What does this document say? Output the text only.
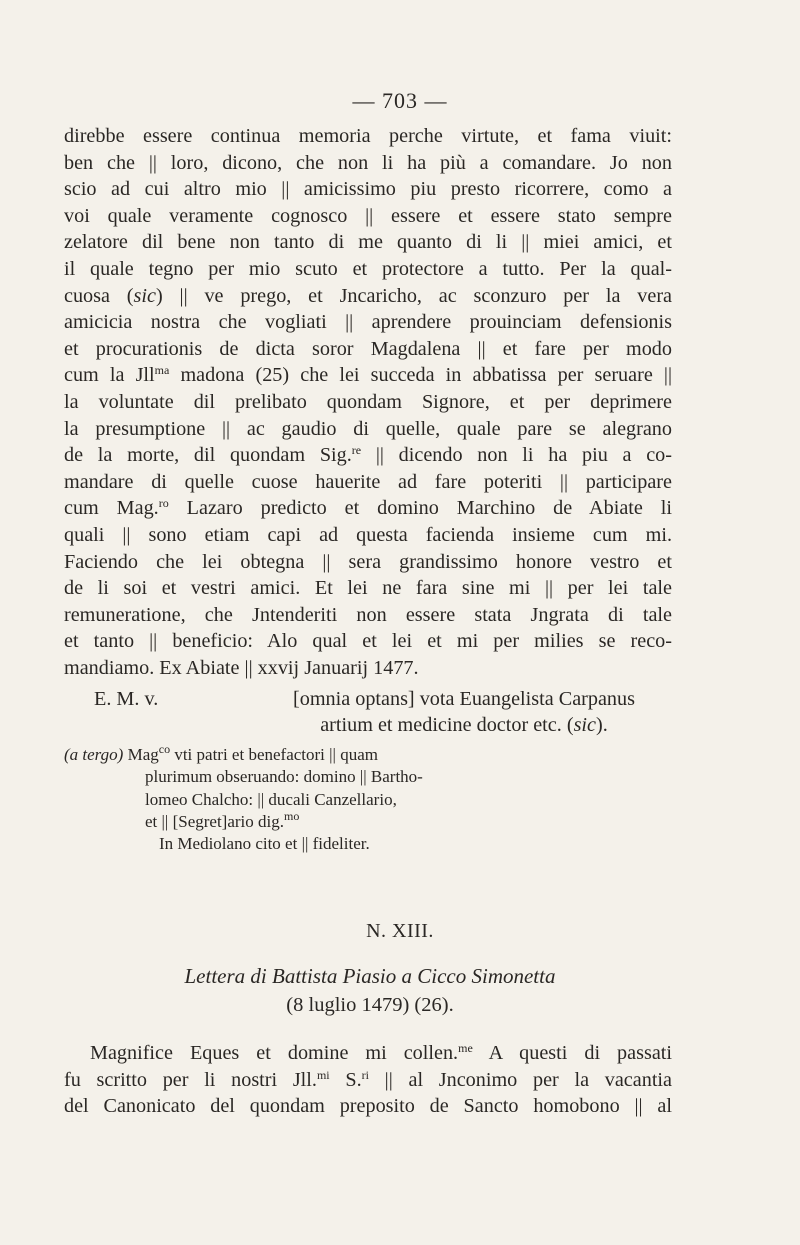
— 703 —
direbbe essere continua memoria perche virtute, et fama viuit:
ben che || loro, dicono, che non li ha più a comandare. Jo non
scio ad cui altro mio || amicissimo piu presto ricorrere, como a
voi quale veramente cognosco || essere et essere stato sempre
zelatore dil bene non tanto di me quanto di li || miei amici, et
il quale tegno per mio scuto et protectore a tutto. Per la qual-
cuosa (sic) || ve prego, et Jncaricho, ac sconzuro per la vera
amicicia nostra che vogliati || aprendere prouinciam defensionis
et procurationis de dicta soror Magdalena || et fare per modo
cum la Jll$^{ma}$ madona (25) che lei succeda in abbatissa per seruare ||
la voluntate dil prelibato quondam Signore, et per deprimere
la presumptione || ac gaudio di quelle, quale pare se alegrano
de la morte, dil quondam Sig.$^{re}$ || dicendo non li ha piu a co-
mandare di quelle cuose hauerite ad fare poteriti || participare
cum Mag.$^{ro}$ Lazaro predicto et domino Marchino de Abiate li
quali || sono etiam capi ad questa facienda insieme cum mi.
Faciendo che lei obtegna || sera grandissimo honore vestro et
de li soi et vestri amici. Et lei ne fara sine mi || per lei tale
remuneratione, che Jntenderiti non essere stata Jngrata di tale
et tanto || beneficio: Alo qual et lei et mi per milies se reco-
mandiamo. Ex Abiate || xxvij Januarij 1477.
E. M. v.	[omnia optans] vota Euangelista Carpanus
artium et medicine doctor etc. (sic).
(a tergo) Mag$^{co}$ vti patri et benefactori || quam
plurimum obseruando: domino || Bartho-
lomeo Chalcho: || ducali Canzellario,
et || [Segret]ario dig.$^{mo}$
In Mediolano cito et || fideliter.
N. XIII.
Lettera di Battista Piasio a Cicco Simonetta
(8 luglio 1479) (26).
Magnifice Eques et domine mi collen.$^{me}$ A questi di passati
fu scritto per li nostri Jll.$^{mi}$ S.$^{ri}$ || al Jnconimo per la vacantia
del Canonicato del quondam preposito de Sancto homobono || al
